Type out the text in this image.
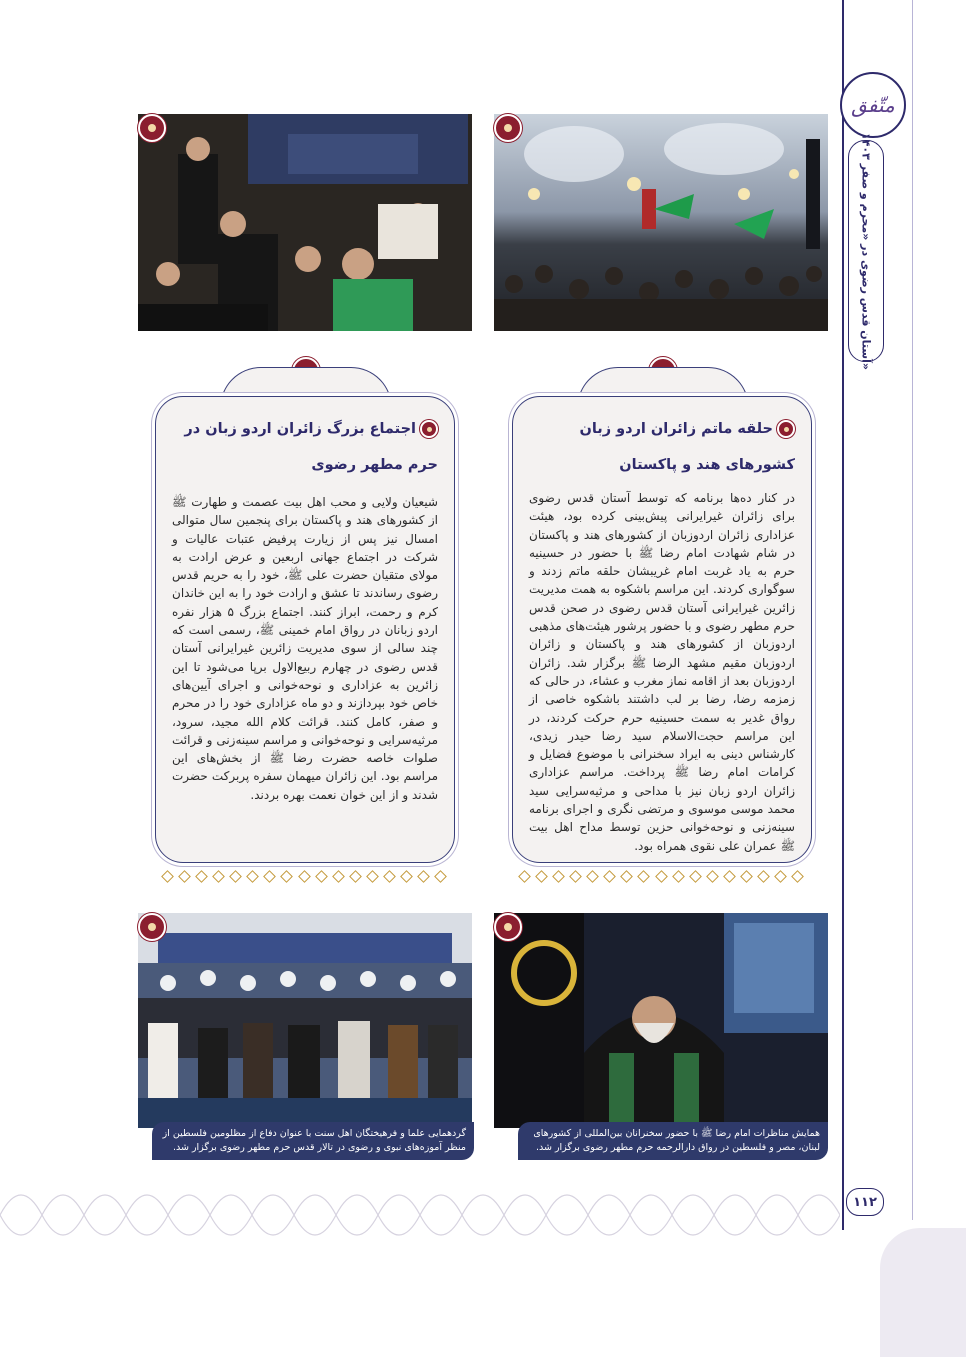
متّفق
آستان قدس رضوی در «محرم و صفر ۱۴۰۳»
۱۱۲
حلقه ماتم زائران اردو زبان کشورهای هند و پاکستان
در کنار ده‌ها برنامه که توسط آستان قدس رضوی برای زائران غیرایرانی پیش‌بینی کرده بود، هیئت عزاداری زائران اردوزبان از کشورهای هند و پاکستان در شام شهادت امام رضا ﷺ با حضور در حسینیه حرم به یاد غربت امام غریبشان حلقه ماتم زدند و سوگواری کردند. این مراسم باشکوه به همت مدیریت زائرین غیرایرانی آستان قدس رضوی در صحن قدس حرم مطهر رضوی و با حضور پرشور هیئت‌های مذهبی اردوزبان از کشورهای هند و پاکستان و زائران اردوزبان مقیم مشهد الرضا ﷺ برگزار شد. زائران اردوزبان بعد از اقامه نماز مغرب و عشاء، در حالی که زمزمه رضا، رضا بر لب داشتند باشکوه خاصی از رواق غدیر به سمت حسینیه حرم حرکت کردند، در این مراسم حجت‌الاسلام سید رضا حیدر زیدی، کارشناس دینی به ایراد سخنرانی با موضوع فضایل و کرامات امام رضا ﷺ پرداخت. مراسم عزاداری زائران اردو زبان نیز با مداحی و مرثیه‌سرایی سید محمد موسی موسوی و مرتضی نگری و اجرای برنامه سینه‌زنی و نوحه‌خوانی حزین توسط مداح اهل بیت ﷺ عمران علی نقوی همراه بود.
اجتماع بزرگ زائران اردو زبان در حرم مطهر رضوی
شیعیان ولایی و محب اهل بیت عصمت و طهارت ﷺ از کشورهای هند و پاکستان برای پنجمین سال متوالی امسال نیز پس از زیارت پرفیض عتبات عالیات و شرکت در اجتماع جهانی اربعین و عرض ارادت به مولای متقیان حضرت علی ﷺ، خود را به حریم قدس رضوی رساندند تا عشق و ارادت خود را به این خاندان کرم و رحمت، ابراز کنند. اجتماع بزرگ ۵ هزار نفره اردو زبانان در رواق امام خمینی ﷺ، رسمی است که چند سالی از سوی مدیریت زائرین غیرایرانی آستان قدس رضوی در چهارم ربیع‌الاول برپا می‌شود تا این زائرین به عزاداری و نوحه‌خوانی و اجرای آیین‌های خاص خود بپردازند و دو ماه عزاداری خود را در محرم و صفر، کامل کنند. قرائت کلام الله مجید، سرود، مرثیه‌سرایی و نوحه‌خوانی و مراسم سینه‌زنی و قرائت صلوات خاصه حضرت رضا ﷺ از بخش‌های این مراسم بود. این زائران میهمان سفره پربرکت حضرت شدند و از این خوان نعمت بهره بردند.
همایش مناظرات امام رضا ﷺ با حضور سخنرانان بین‌المللی از کشورهای لبنان، مصر و فلسطین در رواق دارالرحمه حرم مطهر رضوی برگزار شد.
گردهمایی علما و فرهیختگان اهل سنت با عنوان دفاع از مظلومین فلسطین از منظر آموزه‌های نبوی و رضوی در تالار قدس حرم مطهر رضوی برگزار شد.
